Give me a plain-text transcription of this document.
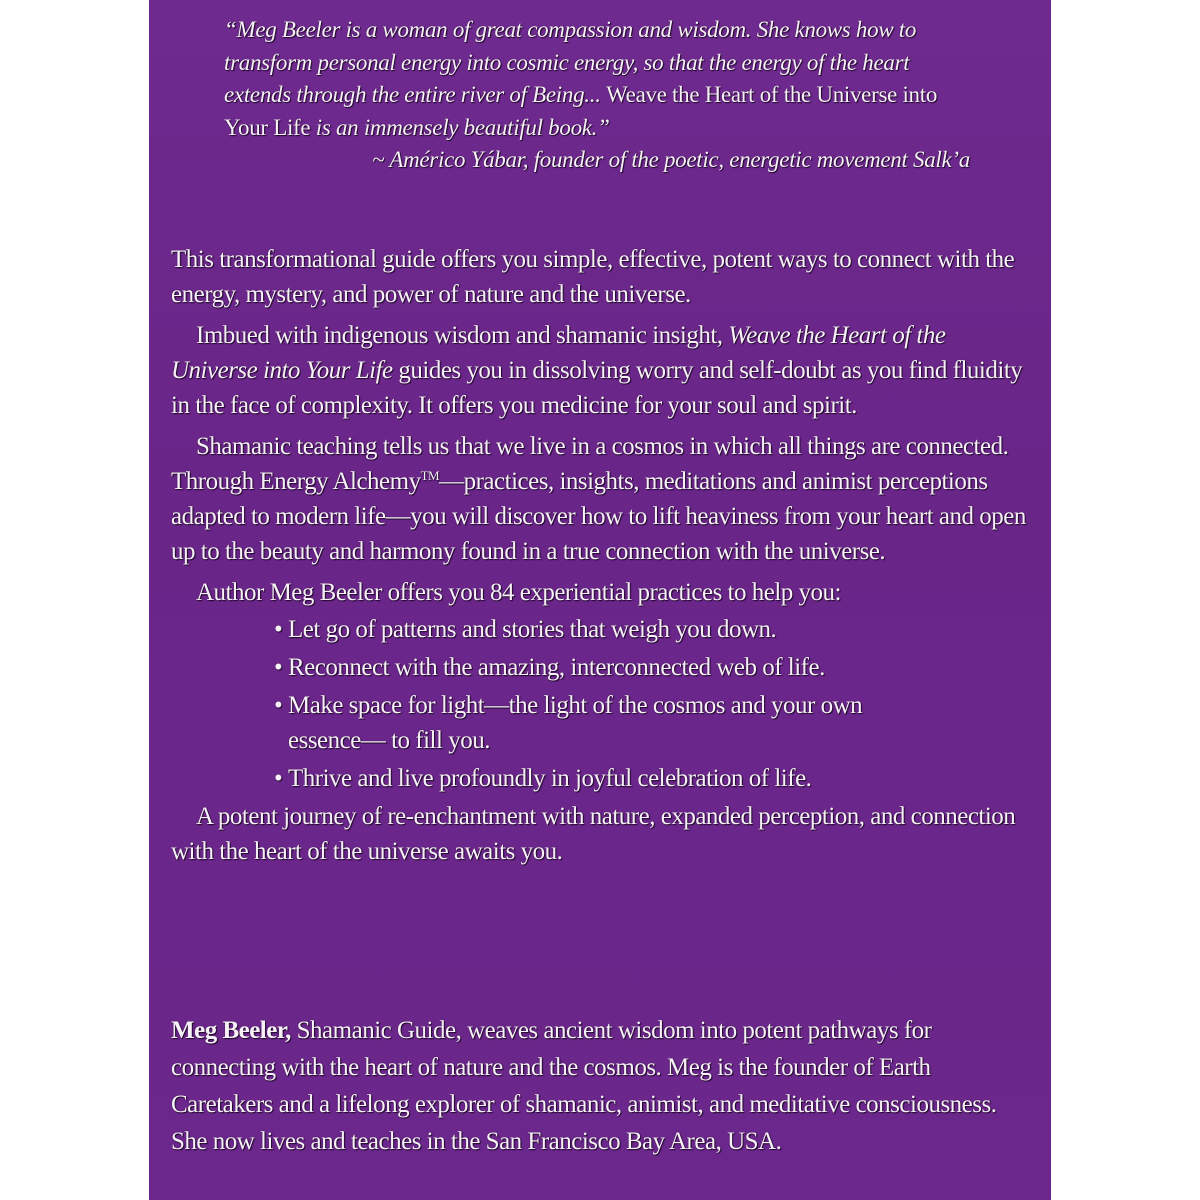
“Meg Beeler is a woman of great compassion and wisdom. She knows how to transform personal energy into cosmic energy, so that the energy of the heart extends through the entire river of Being... Weave the Heart of the Universe into Your Life is an immensely beautiful book.”
~ Américo Yábar, founder of the poetic, energetic movement Salk’a

This transformational guide offers you simple, effective, potent ways to connect with the energy, mystery, and power of nature and the universe.

Imbued with indigenous wisdom and shamanic insight, Weave the Heart of the Universe into Your Life guides you in dissolving worry and self-doubt as you find fluidity in the face of complexity. It offers you medicine for your soul and spirit.

Shamanic teaching tells us that we live in a cosmos in which all things are connected. Through Energy Alchemy™—practices, insights, meditations and animist perceptions adapted to modern life—you will discover how to lift heaviness from your heart and open up to the beauty and harmony found in a true connection with the universe.

Author Meg Beeler offers you 84 experiential practices to help you:

• Let go of patterns and stories that weigh you down.
• Reconnect with the amazing, interconnected web of life.
• Make space for light—the light of the cosmos and your own essence— to fill you.
• Thrive and live profoundly in joyful celebration of life.

A potent journey of re-enchantment with nature, expanded perception, and connection with the heart of the universe awaits you.

Meg Beeler, Shamanic Guide, weaves ancient wisdom into potent pathways for connecting with the heart of nature and the cosmos. Meg is the founder of Earth Caretakers and a lifelong explorer of shamanic, animist, and meditative consciousness. She now lives and teaches in the San Francisco Bay Area, USA.
